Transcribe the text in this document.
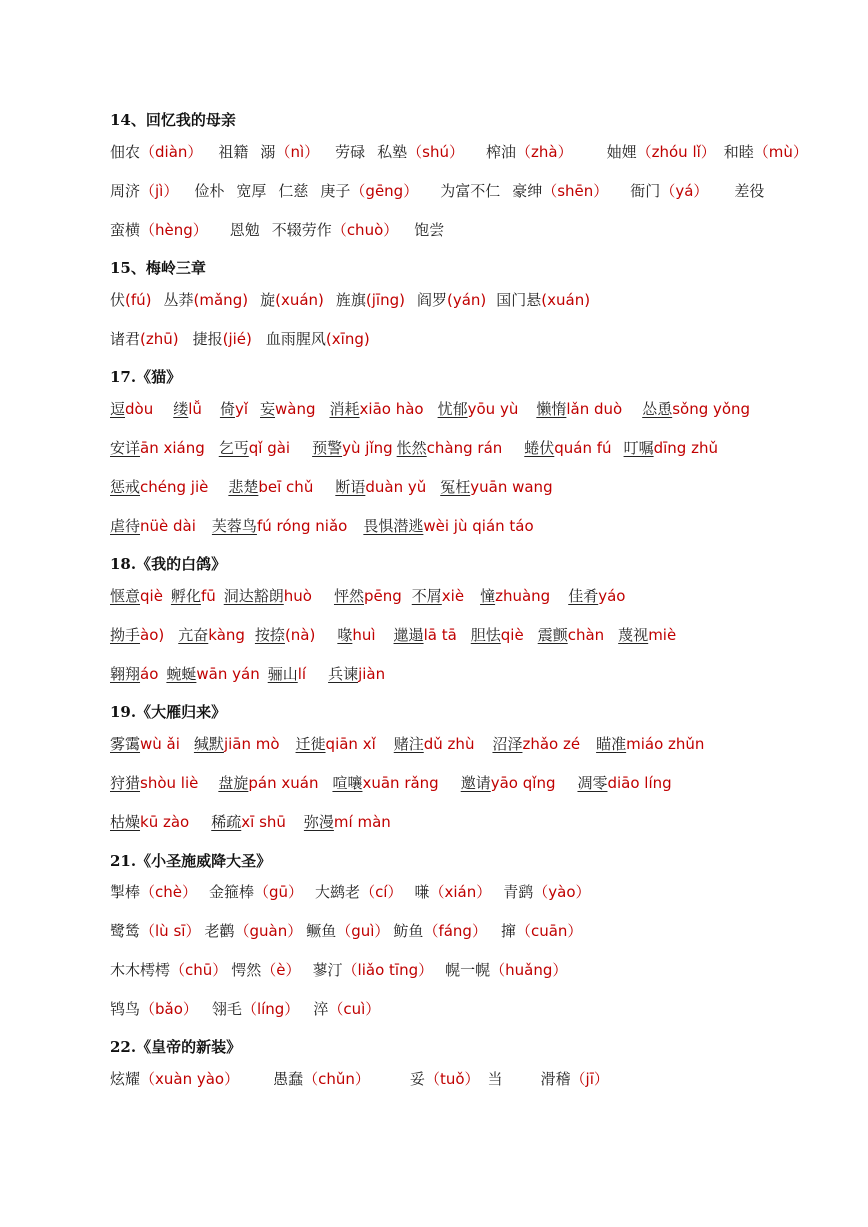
14、回忆我的母亲
佃农（diàn） 祖籍 溺（nì） 劳碌 私塾（shú） 榨油（zhà） 妯娌（zhóu lǐ） 和睦（mù）
周济（jì） 俭朴 宽厚 仁慈 庚子（gēng） 为富不仁 豪绅（shēn） 衙门（yá） 差役
蛮横（hèng） 恩勉 不辍劳作（chuò） 饱尝
15、梅岭三章
伏(fú) 丛莽(mǎng) 旋(xuán) 旌旗(jīng) 阎罗(yán) 国门悬(xuán)
诸君(zhū) 捷报(jié) 血雨腥风(xīng)
17.《猫》
逗dòu 缕lǚ 倚yǐ 妄wàng 消耗xiāo hào 忧郁yōu yù 懒惰lǎn duò 怂恿sǒng yǒng
安详ān xiáng 乞丐qǐ gài 预警yù jǐng 怅然chàng rán 蜷伏quán fú 叮嘱dīng zhǔ
惩戒chéng jiè 悲楚beī chǔ 断语duàn yǔ 冤枉yuān wang
虐待nüè dài 芙蓉鸟fú róng niǎo 畏惧潜逃wèi jù qián táo
18.《我的白鸽》
惬意qiè 孵化fū 洞达豁朗huò 怦然pēng 不屑xiè 憧zhuàng 佳肴yáo
拗手ào) 亢奋kàng 按捺(nà) 喙huì 邋遢lā tā 胆怯qiè 震颤chàn 蔑视miè
翱翔áo 蜿蜒wān yán 骊山lí 兵谏jiàn
19.《大雁归来》
雾霭wù ǎi 缄默jiān mò 迁徙qiān xǐ 赌注dǔ zhù 沼泽zhǎo zé 瞄准miáo zhǔn
狩猎shòu liè 盘旋pán xuán 喧嚷xuān rǎng 邀请yāo qǐng 凋零diāo líng
枯燥kū zào 稀疏xī shū 弥漫mí màn
21.《小圣施威降大圣》
掣棒（chè） 金箍棒（gū） 大鹚老（cí） 嗛（xián） 青鹞（yào）
鹭鸶（lù sī） 老鹳（guàn） 鳜鱼（guì） 鲂鱼（fáng） 撺（cuān）
木木樗樗（chū） 愕然（è） 蓼汀（liǎo tīng） 幌一幌（huǎng）
鸨鸟（bǎo） 翎毛（líng） 淬（cuì）
22.《皇帝的新装》
炫耀（xuàn yào） 愚蠢（chǔn）	妥（tuǒ） 当	滑稽（jī）
